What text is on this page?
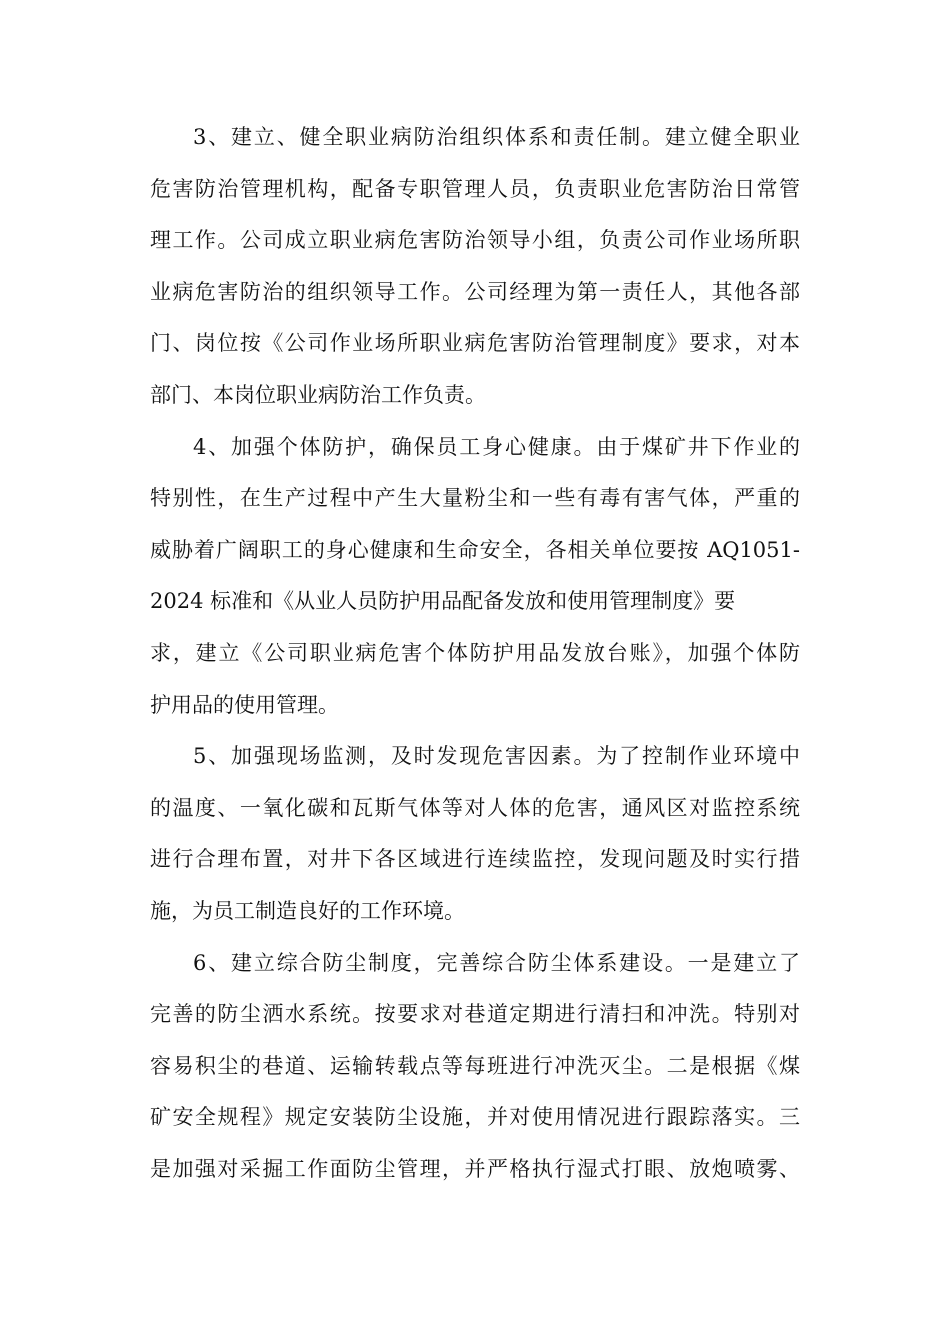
3、建立、健全职业病防治组织体系和责任制。建立健全职业
危害防治管理机构，配备专职管理人员，负责职业危害防治日常管
理工作。公司成立职业病危害防治领导小组，负责公司作业场所职
业病危害防治的组织领导工作。公司经理为第一责任人，其他各部
门、岗位按《公司作业场所职业病危害防治管理制度》要求，对本
部门、本岗位职业病防治工作负责。
4、加强个体防护，确保员工身心健康。由于煤矿井下作业的
特别性，在生产过程中产生大量粉尘和一些有毒有害气体，严重的
威胁着广阔职工的身心健康和生命安全，各相关单位要按 AQ1051-
2024 标准和《从业人员防护用品配备发放和使用管理制度》要
求，建立《公司职业病危害个体防护用品发放台账》，加强个体防
护用品的使用管理。
5、加强现场监测，及时发现危害因素。为了控制作业环境中
的温度、一氧化碳和瓦斯气体等对人体的危害，通风区对监控系统
进行合理布置，对井下各区域进行连续监控，发现问题及时实行措
施，为员工制造良好的工作环境。
6、建立综合防尘制度，完善综合防尘体系建设。一是建立了
完善的防尘洒水系统。按要求对巷道定期进行清扫和冲洗。特别对
容易积尘的巷道、运输转载点等每班进行冲洗灭尘。二是根据《煤
矿安全规程》规定安装防尘设施，并对使用情况进行跟踪落实。三
是加强对采掘工作面防尘管理，并严格执行湿式打眼、放炮喷雾、
